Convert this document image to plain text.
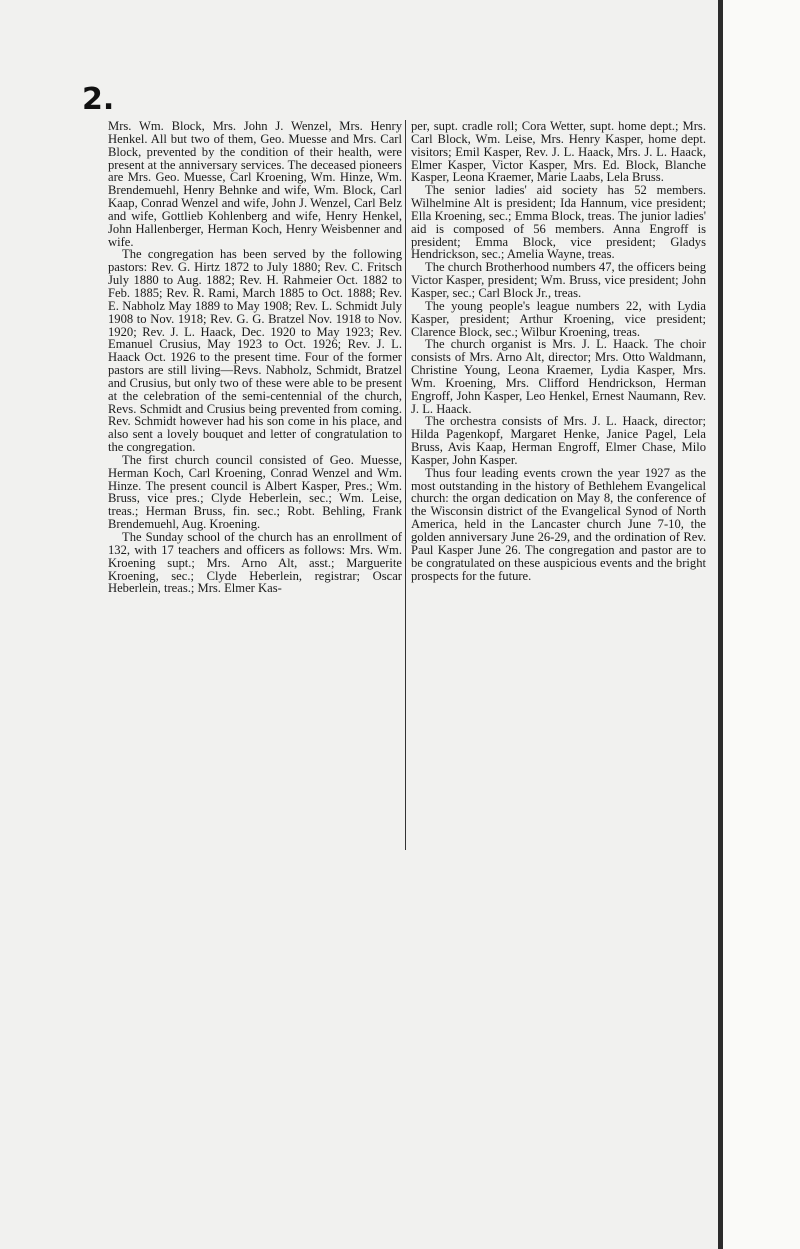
2.

Mrs. Wm. Block, Mrs. John J. Wenzel, Mrs. Henry Henkel. All but two of them, Geo. Muesse and Mrs. Carl Block, prevented by the condition of their health, were present at the anniversary services. The deceased pioneers are Mrs. Geo. Muesse, Carl Kroening, Wm. Hinze, Wm. Brendemuehl, Henry Behnke and wife, Wm. Block, Carl Kaap, Conrad Wenzel and wife, John J. Wenzel, Carl Belz and wife, Gottlieb Kohlenberg and wife, Henry Henkel, John Hallenberger, Herman Koch, Henry Weisbenner and wife.

The congregation has been served by the following pastors: Rev. G. Hirtz 1872 to July 1880; Rev. C. Fritsch July 1880 to Aug. 1882; Rev. H. Rahmeier Oct. 1882 to Feb. 1885; Rev. R. Rami, March 1885 to Oct. 1888; Rev. E. Nabholz May 1889 to May 1908; Rev. L. Schmidt July 1908 to Nov. 1918; Rev. G. G. Bratzel Nov. 1918 to Nov. 1920; Rev. J. L. Haack, Dec. 1920 to May 1923; Rev. Emanuel Crusius, May 1923 to Oct. 1926; Rev. J. L. Haack Oct. 1926 to the present time. Four of the former pastors are still living—Revs. Nabholz, Schmidt, Bratzel and Crusius, but only two of these were able to be present at the celebration of the semi-centennial of the church, Revs. Schmidt and Crusius being prevented from coming. Rev. Schmidt however had his son come in his place, and also sent a lovely bouquet and letter of congratulation to the congregation.

The first church council consisted of Geo. Muesse, Herman Koch, Carl Kroening, Conrad Wenzel and Wm. Hinze. The present council is Albert Kasper, Pres.; Wm. Bruss, vice pres.; Clyde Heberlein, sec.; Wm. Leise, treas.; Herman Bruss, fin. sec.; Robt. Behling, Frank Brendemuehl, Aug. Kroening.

The Sunday school of the church has an enrollment of 132, with 17 teachers and officers as follows: Mrs. Wm. Kroening supt.; Mrs. Arno Alt, asst.; Marguerite Kroening, sec.; Clyde Heberlein, registrar; Oscar Heberlein, treas.; Mrs. Elmer Kas-

per, supt. cradle roll; Cora Wetter, supt. home dept.; Mrs. Carl Block, Wm. Leise, Mrs. Henry Kasper, home dept. visitors; Emil Kasper, Rev. J. L. Haack, Mrs. J. L. Haack, Elmer Kasper, Victor Kasper, Mrs. Ed. Block, Blanche Kasper, Leona Kraemer, Marie Laabs, Lela Bruss.

The senior ladies' aid society has 52 members. Wilhelmine Alt is president; Ida Hannum, vice president; Ella Kroening, sec.; Emma Block, treas. The junior ladies' aid is composed of 56 members. Anna Engroff is president; Emma Block, vice president; Gladys Hendrickson, sec.; Amelia Wayne, treas.

The church Brotherhood numbers 47, the officers being Victor Kasper, president; Wm. Bruss, vice president; John Kasper, sec.; Carl Block Jr., treas.

The young people's league numbers 22, with Lydia Kasper, president; Arthur Kroening, vice president; Clarence Block, sec.; Wilbur Kroening, treas.

The church organist is Mrs. J. L. Haack. The choir consists of Mrs. Arno Alt, director; Mrs. Otto Waldmann, Christine Young, Leona Kraemer, Lydia Kasper, Mrs. Wm. Kroening, Mrs. Clifford Hendrickson, Herman Engroff, John Kasper, Leo Henkel, Ernest Naumann, Rev. J. L. Haack.

The orchestra consists of Mrs. J. L. Haack, director; Hilda Pagenkopf, Margaret Henke, Janice Pagel, Lela Bruss, Avis Kaap, Herman Engroff, Elmer Chase, Milo Kasper, John Kasper.

Thus four leading events crown the year 1927 as the most outstanding in the history of Bethlehem Evangelical church: the organ dedication on May 8, the conference of the Wisconsin district of the Evangelical Synod of North America, held in the Lancaster church June 7-10, the golden anniversary June 26-29, and the ordination of Rev. Paul Kasper June 26. The congregation and pastor are to be congratulated on these auspicious events and the bright prospects for the future.
